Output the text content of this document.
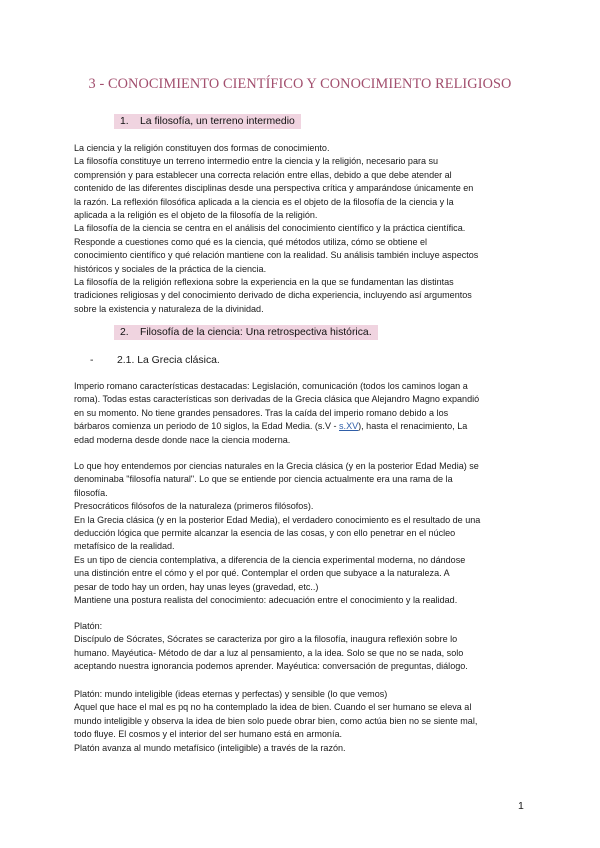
3 - CONOCIMIENTO CIENTÍFICO Y CONOCIMIENTO RELIGIOSO
1. La filosofía, un terreno intermedio

La ciencia y la religión constituyen dos formas de conocimiento.

La filosofía constituye un terreno intermedio entre la ciencia y la religión, necesario para su

comprensión y para establecer una correcta relación entre ellas, debido a que debe atender al

contenido de las diferentes disciplinas desde una perspectiva crítica y amparándose únicamente en

la razón. La reflexión filosófica aplicada a la ciencia es el objeto de la filosofía de la ciencia y la

aplicada a la religión es el objeto de la filosofía de la religión.

La filosofía de la ciencia se centra en el análisis del conocimiento científico y la práctica científica.

Responde a cuestiones como qué es la ciencia, qué métodos utiliza, cómo se obtiene el

conocimiento científico y qué relación mantiene con la realidad. Su análisis también incluye aspectos

históricos y sociales de la práctica de la ciencia.

La filosofía de la religión reflexiona sobre la experiencia en la que se fundamentan las distintas

tradiciones religiosas y del conocimiento derivado de dicha experiencia, incluyendo así argumentos

sobre la existencia y naturaleza de la divinidad.

2. Filosofía de la ciencia: Una retrospectiva histórica.
- 2.1. La Grecia clásica.

Imperio romano características destacadas: Legislación, comunicación (todos los caminos logan a

roma). Todas estas características son derivadas de la Grecia clásica que Alejandro Magno expandió

en su momento. No tiene grandes pensadores. Tras la caída del imperio romano debido a los

bárbaros comienza un periodo de 10 siglos, la Edad Media. (s.V - s.XV), hasta el renacimiento, La

edad moderna desde donde nace la ciencia moderna.

Lo que hoy entendemos por ciencias naturales en la Grecia clásica (y en la posterior Edad Media) se

denominaba "filosofía natural". Lo que se entiende por ciencia actualmente era una rama de la

filosofía.

Presocráticos filósofos de la naturaleza (primeros filósofos).

En la Grecia clásica (y en la posterior Edad Media), el verdadero conocimiento es el resultado de una

deducción lógica que permite alcanzar la esencia de las cosas, y con ello penetrar en el núcleo

metafísico de la realidad.

Es un tipo de ciencia contemplativa, a diferencia de la ciencia experimental moderna, no dándose

una distinción entre el cómo y el por qué. Contemplar el orden que subyace a la naturaleza. A

pesar de todo hay un orden, hay unas leyes (gravedad, etc..)

Mantiene una postura realista del conocimiento: adecuación entre el conocimiento y la realidad.

Platón:

Discípulo de Sócrates, Sócrates se caracteriza por giro a la filosofía, inaugura reflexión sobre lo

humano. Mayéutica- Método de dar a luz al pensamiento, a la idea. Solo se que no se nada, solo

aceptando nuestra ignorancia podemos aprender. Mayéutica: conversación de preguntas, diálogo.

Platón: mundo inteligible (ideas eternas y perfectas) y sensible (lo que vemos)

Aquel que hace el mal es pq no ha contemplado la idea de bien. Cuando el ser humano se eleva al

mundo inteligible y observa la idea de bien solo puede obrar bien, como actúa bien no se siente mal,

todo fluye. El cosmos y el interior del ser humano está en armonía.

Platón avanza al mundo metafísico (inteligible) a través de la razón.

1
